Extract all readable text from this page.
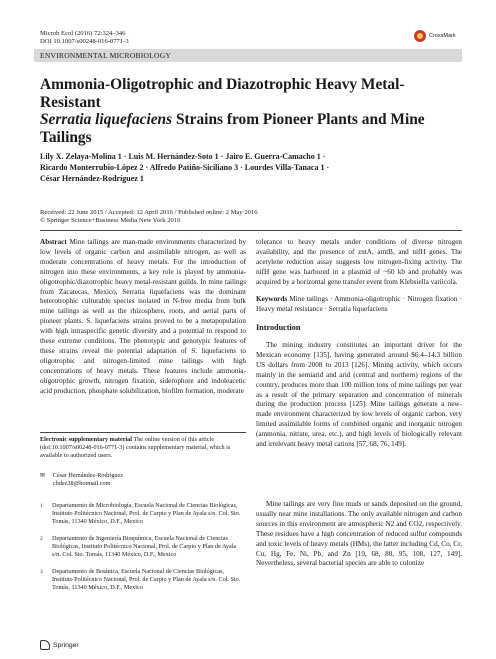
Microb Ecol (2016) 72:324–346
DOI 10.1007/s00248-016-0771-3
CrossMark
ENVIRONMENTAL MICROBIOLOGY
Ammonia-Oligotrophic and Diazotrophic Heavy Metal-Resistant
Serratia liquefaciens Strains from Pioneer Plants and Mine
Tailings
Lily X. Zelaya-Molina 1 · Luis M. Hernández-Soto 1 · Jairo E. Guerra-Camacho 1 ·
Ricardo Monterrubio-López 2 · Alfredo Patiño-Siciliano 3 · Lourdes Villa-Tanaca 1 ·
César Hernández-Rodríguez 1
Received: 22 June 2015 / Accepted: 12 April 2016 / Published online: 2 May 2016
© Springer Science+Business Media New York 2016
Abstract Mine tailings are man-made environments characterized by low levels of organic carbon and assimilable nitrogen, as well as moderate concentrations of heavy metals. For the introduction of nitrogen into these environments, a key role is played by ammonia-oligotrophic/diazotrophic heavy metal-resistant guilds. In mine tailings from Zacatecas, Mexico, Serratia liquefaciens was the dominant heterotrophic culturable species isolated in N-free media from bulk mine tailings as well as the rhizosphere, roots, and aerial parts of pioneer plants. S. liquefaciens strains proved to be a metapopulation with high intraspecific genetic diversity and a potential to respond to these extreme conditions. The phenotypic and genotypic features of these strains reveal the potential adaptation of S. liquefaciens to oligotrophic and nitrogen-limited mine tailings with high concentrations of heavy metals. These features include ammonia-oligotrophic growth, nitrogen fixation, siderophore and indoleacetic acid production, phosphate solubilization, biofilm formation, moderate
Electronic supplementary material The online version of this article (doi:10.1007/s00248-016-0771-3) contains supplementary material, which is available to authorized users.
✉ César Hernández-Rodríguez
chdez38@hotmail.com
1 Departamento de Microbiología, Escuela Nacional de Ciencias Biológicas, Instituto Politécnico Nacional, Prol. de Carpio y Plan de Ayala s/n. Col. Sto. Tomás, 11340 México, D.F., Mexico
2 Departamento de Ingeniería Bioquímica, Escuela Nacional de Ciencias Biológicas, Instituto Politécnico Nacional, Prol. de Carpio y Plan de Ayala s/n. Col. Sto. Tomás, 11340 México, D.F., Mexico
3 Departamento de Botánica, Escuela Nacional de Ciencias Biológicas, Instituto Politécnico Nacional, Prol. de Carpio y Plan de Ayala s/n. Col. Sto. Tomás, 11340 México, D.F., Mexico
tolerance to heavy metals under conditions of diverse nitrogen availability, and the presence of zntA, amtB, and nifH genes. The acetylene reduction assay suggests low nitrogen-fixing activity. The nifH gene was harbored in a plasmid of ~60 kb and probably was acquired by a horizontal gene transfer event from Klebsiella variicola.
Keywords Mine tailings · Ammonia-oligotrophic · Nitrogen fixation · Heavy metal resistance · Serratia liquefaciens
Introduction
The mining industry constitutes an important driver for the Mexican economy [135], having generated around $6.4–14.3 billion US dollars from 2008 to 2013 [126]. Mining activity, which occurs mainly in the semiarid and arid (central and northern) regions of the country, produces more than 100 million tons of mine tailings per year as a result of the primary separation and concentration of minerals during the production process [125]. Mine tailings generate a new-made environment characterized by low levels of organic carbon, very limited assimilable forms of combined organic and inorganic nitrogen (ammonia, nitrate, urea, etc.), and high levels of biologically relevant and irrelevant heavy metal cations [57, 68, 76, 149].
Mine tailings are very fine muds or sands deposited on the ground, usually near mine installations. The only available nitrogen and carbon sources in this environment are atmospheric N2 and CO2, respectively. These residues have a high concentration of reduced sulfur compounds and toxic levels of heavy metals (HMs), the latter including Cd, Co, Cr, Cu, Hg, Fe, Ni, Pb, and Zn [19, 68, 80, 95, 108, 127, 149]. Nevertheless, several bacterial species are able to colonize
Springer
